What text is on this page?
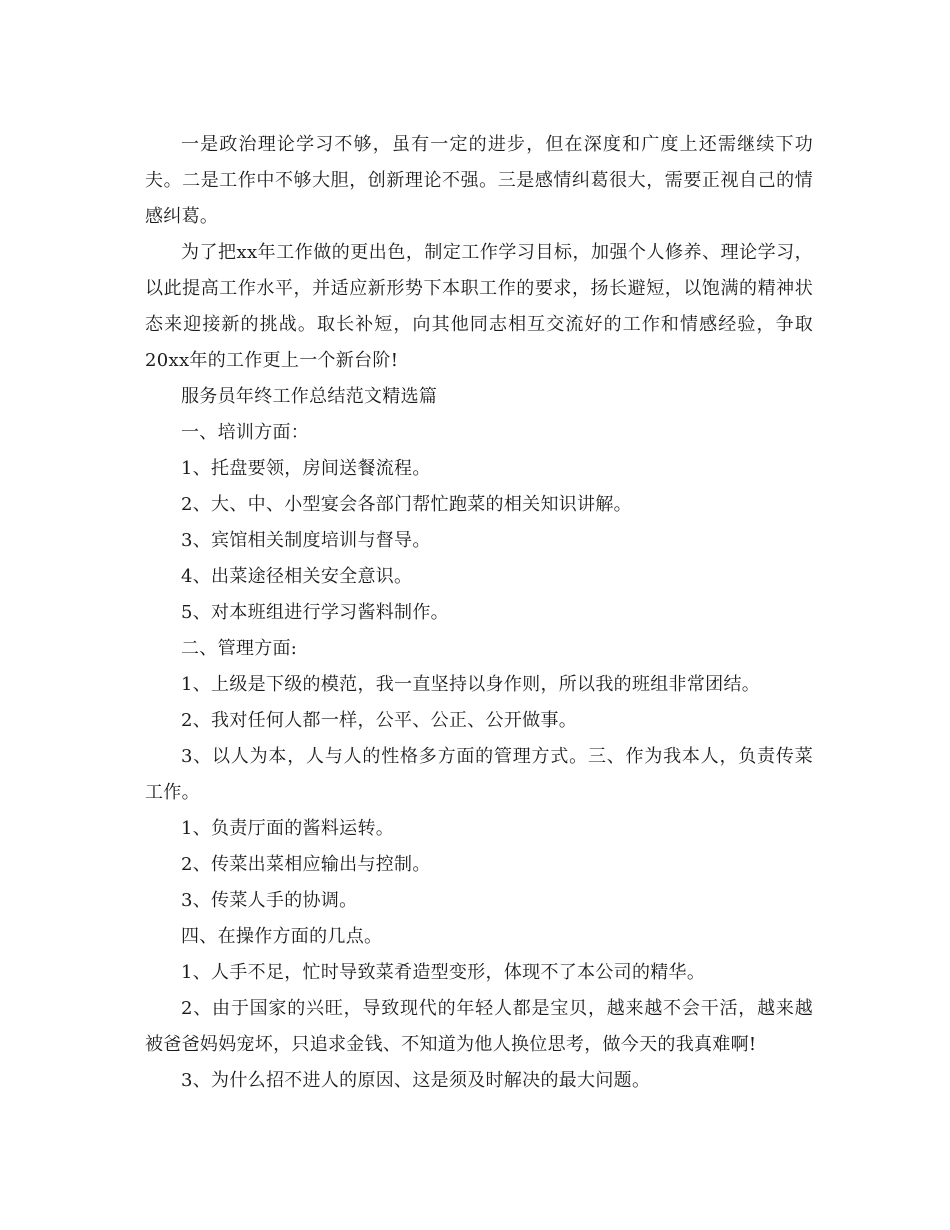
一是政治理论学习不够，虽有一定的进步，但在深度和广度上还需继续下功夫。二是工作中不够大胆，创新理论不强。三是感情纠葛很大，需要正视自己的情感纠葛。

为了把xx年工作做的更出色，制定工作学习目标，加强个人修养、理论学习，以此提高工作水平，并适应新形势下本职工作的要求，扬长避短，以饱满的精神状态来迎接新的挑战。取长补短，向其他同志相互交流好的工作和情感经验，争取20xx年的工作更上一个新台阶!

服务员年终工作总结范文精选篇

一、培训方面：

1、托盘要领，房间送餐流程。

2、大、中、小型宴会各部门帮忙跑菜的相关知识讲解。

3、宾馆相关制度培训与督导。

4、出菜途径相关安全意识。

5、对本班组进行学习酱料制作。

二、管理方面:

1、上级是下级的模范，我一直坚持以身作则，所以我的班组非常团结。

2、我对任何人都一样，公平、公正、公开做事。

3、以人为本，人与人的性格多方面的管理方式。三、作为我本人，负责传菜工作。

1、负责厅面的酱料运转。

2、传菜出菜相应输出与控制。

3、传菜人手的协调。

四、在操作方面的几点。

1、人手不足，忙时导致菜肴造型变形，体现不了本公司的精华。

2、由于国家的兴旺，导致现代的年轻人都是宝贝，越来越不会干活，越来越被爸爸妈妈宠坏，只追求金钱、不知道为他人换位思考，做今天的我真难啊!

3、为什么招不进人的原因、这是须及时解决的最大问题。
